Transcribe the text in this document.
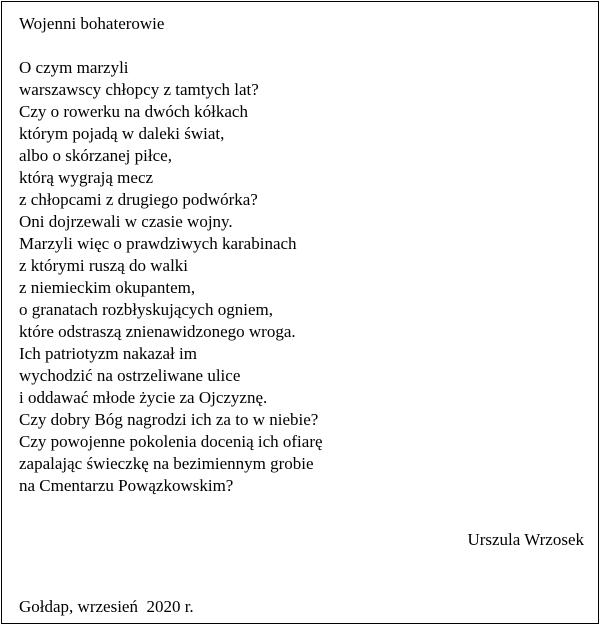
Wojenni bohaterowie
O czym marzyli
warszawscy chłopcy z tamtych lat?
Czy o rowerku na dwóch kółkach
którym pojadą w daleki świat,
albo o skórzanej piłce,
którą wygrają mecz
z chłopcami z drugiego podwórka?
Oni dojrzewali w czasie wojny.
Marzyli więc o prawdziwych karabinach
z którymi ruszą do walki
z niemieckim okupantem,
o granatach rozbłyskujących ogniem,
które odstraszą znienawidzonego wroga.
Ich patriotyzm nakazał im
wychodzić na ostrzeliwane ulice
i oddawać młode życie za Ojczyznę.
Czy dobry Bóg nagrodzi ich za to w niebie?
Czy powojenne pokolenia docenią ich ofiarę
zapalając świeczkę na bezimiennym grobie
na Cmentarzu Powązkowskim?
Urszula Wrzosek
Gołdap, wrzesień  2020 r.
